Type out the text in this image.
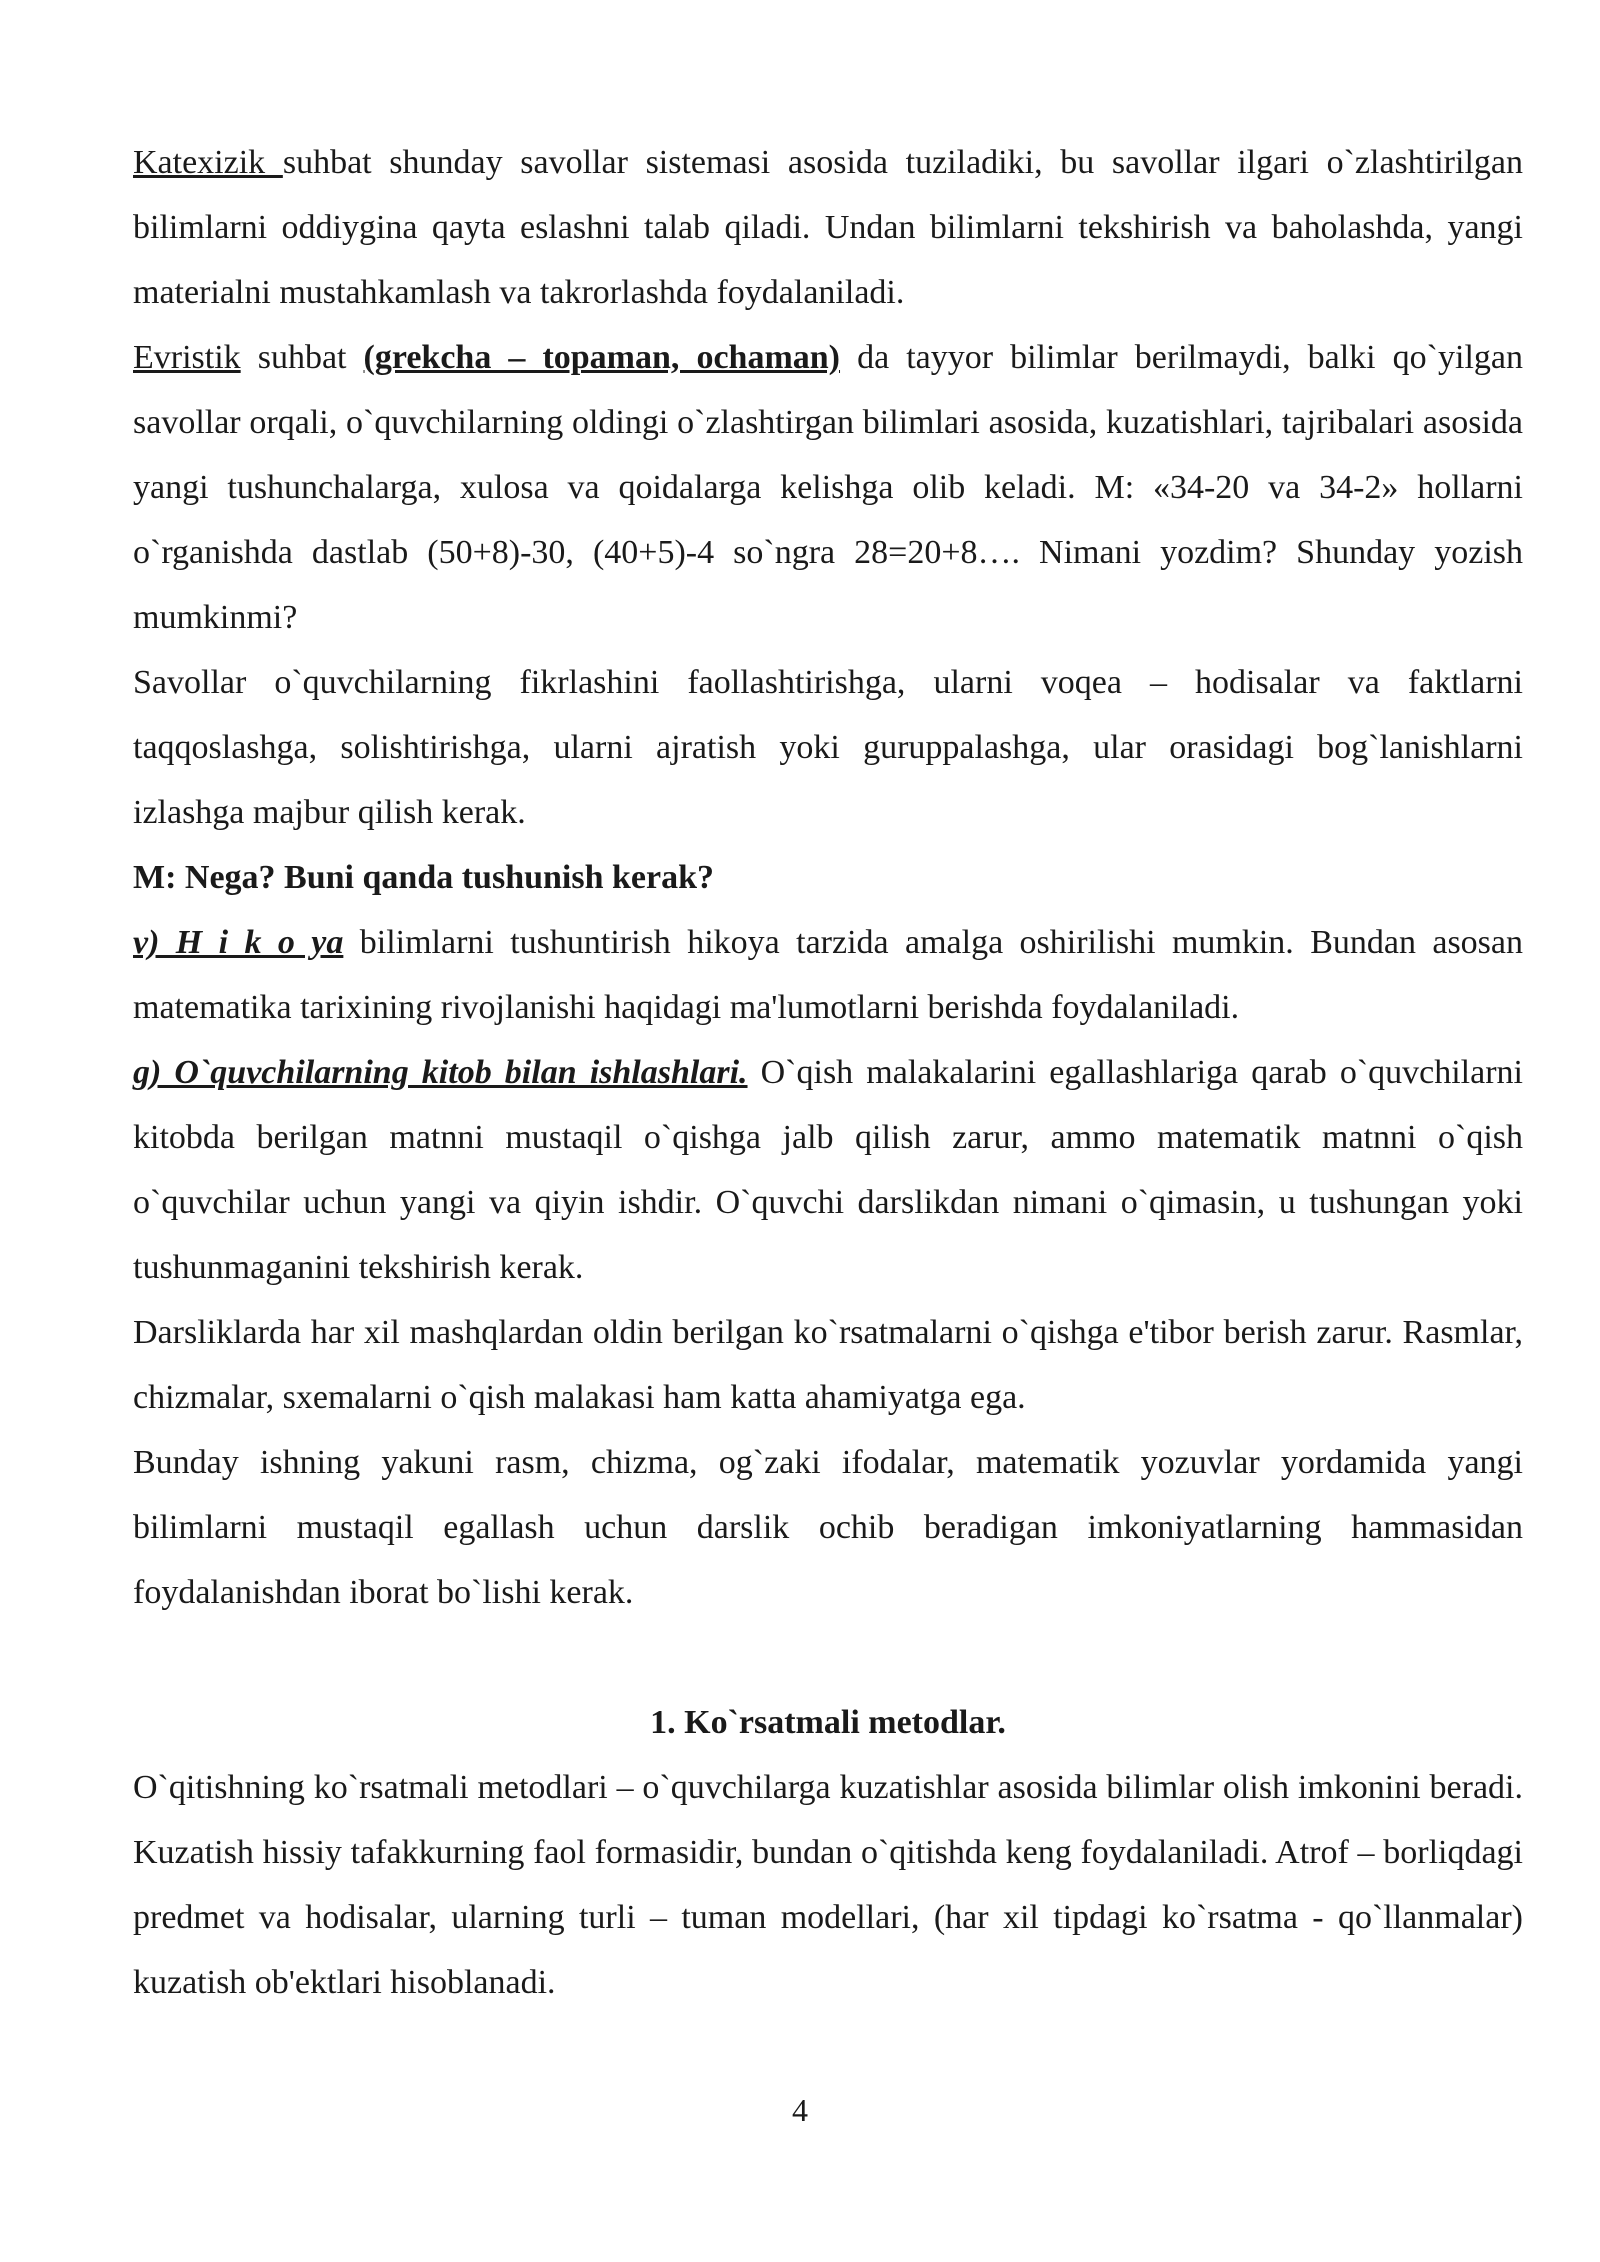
Katexizik suhbat shunday savollar sistemasi asosida tuziladiki, bu savollar ilgari o`zlashtirilgan bilimlarni oddiygina qayta eslashni talab qiladi. Undan bilimlarni tekshirish va baholashda, yangi materialni mustahkamlash va takrorlashda foydalaniladi.

Evristik suhbat (grekcha – topaman, ochaman) da tayyor bilimlar berilmaydi, balki qo`yilgan savollar orqali, o`quvchilarning oldingi o`zlashtirgan bilimlari asosida, kuzatishlari, tajribalari asosida yangi tushunchalarga, xulosa va qoidalarga kelishga olib keladi. M: «34-20 va 34-2» hollarni o`rganishda dastlab (50+8)-30, (40+5)-4 so`ngra 28=20+8…. Nimani yozdim? Shunday yozish mumkinmi?

Savollar o`quvchilarning fikrlashini faollashtirishga, ularni voqea – hodisalar va faktlarni taqqoslashga, solishtirishga, ularni ajratish yoki guruppalashga, ular orasidagi bog`lanishlarni izlashga majbur qilish kerak.

M: Nega? Buni qanda tushunish kerak?

v) H i k o ya bilimlarni tushuntirish hikoya tarzida amalga oshirilishi mumkin. Bundan asosan matematika tarixining rivojlanishi haqidagi ma'lumotlarni berishda foydalaniladi.

g) O`quvchilarning kitob bilan ishlashlari. O`qish malakalarini egallashlariga qarab o`quvchilarni kitobda berilgan matnni mustaqil o`qishga jalb qilish zarur, ammo matematik matnni o`qish o`quvchilar uchun yangi va qiyin ishdir. O`quvchi darslikdan nimani o`qimasin, u tushungan yoki tushunmaganini tekshirish kerak.

Darsliklarda har xil mashqlardan oldin berilgan ko`rsatmalarni o`qishga e'tibor berish zarur. Rasmlar, chizmalar, sxemalarni o`qish malakasi ham katta ahamiyatga ega.

Bunday ishning yakuni rasm, chizma, og`zaki ifodalar, matematik yozuvlar yordamida yangi bilimlarni mustaqil egallash uchun darslik ochib beradigan imkoniyatlarning hammasidan foydalanishdan iborat bo`lishi kerak.

1. Ko`rsatmali metodlar.

O`qitishning ko`rsatmali metodlari – o`quvchilarga kuzatishlar asosida bilimlar olish imkonini beradi. Kuzatish hissiy tafakkurning faol formasidir, bundan o`qitishda keng foydalaniladi. Atrof – borliqdagi predmet va hodisalar, ularning turli – tuman modellari, (har xil tipdagi ko`rsatma - qo`llanmalar) kuzatish ob'ektlari hisoblanadi.

4
